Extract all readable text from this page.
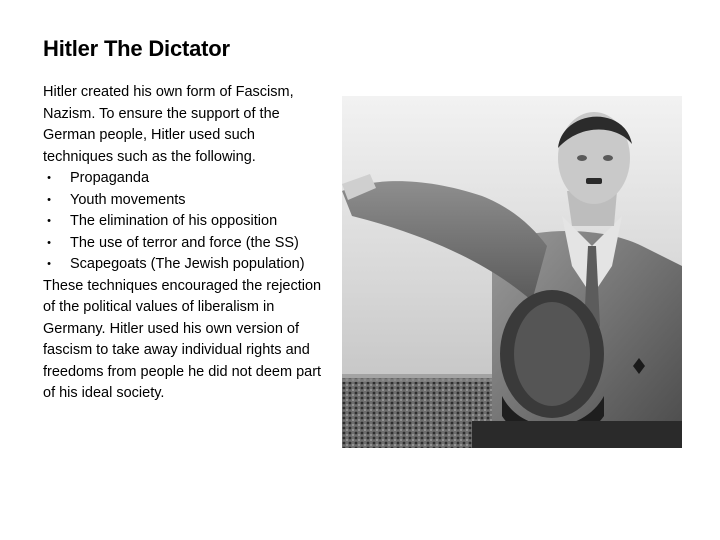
Hitler The Dictator

Hitler created his own form of Fascism, Nazism. To ensure the support of the German people, Hitler used such techniques such as the following.

• Propaganda
• Youth movements
• The elimination of his opposition
• The use of terror and force (the SS)
• Scapegoats (The Jewish population)

These techniques encouraged the rejection of the political values of liberalism in Germany. Hitler used his own version of fascism to take away individual rights and freedoms from people he did not deem part of his ideal society.
